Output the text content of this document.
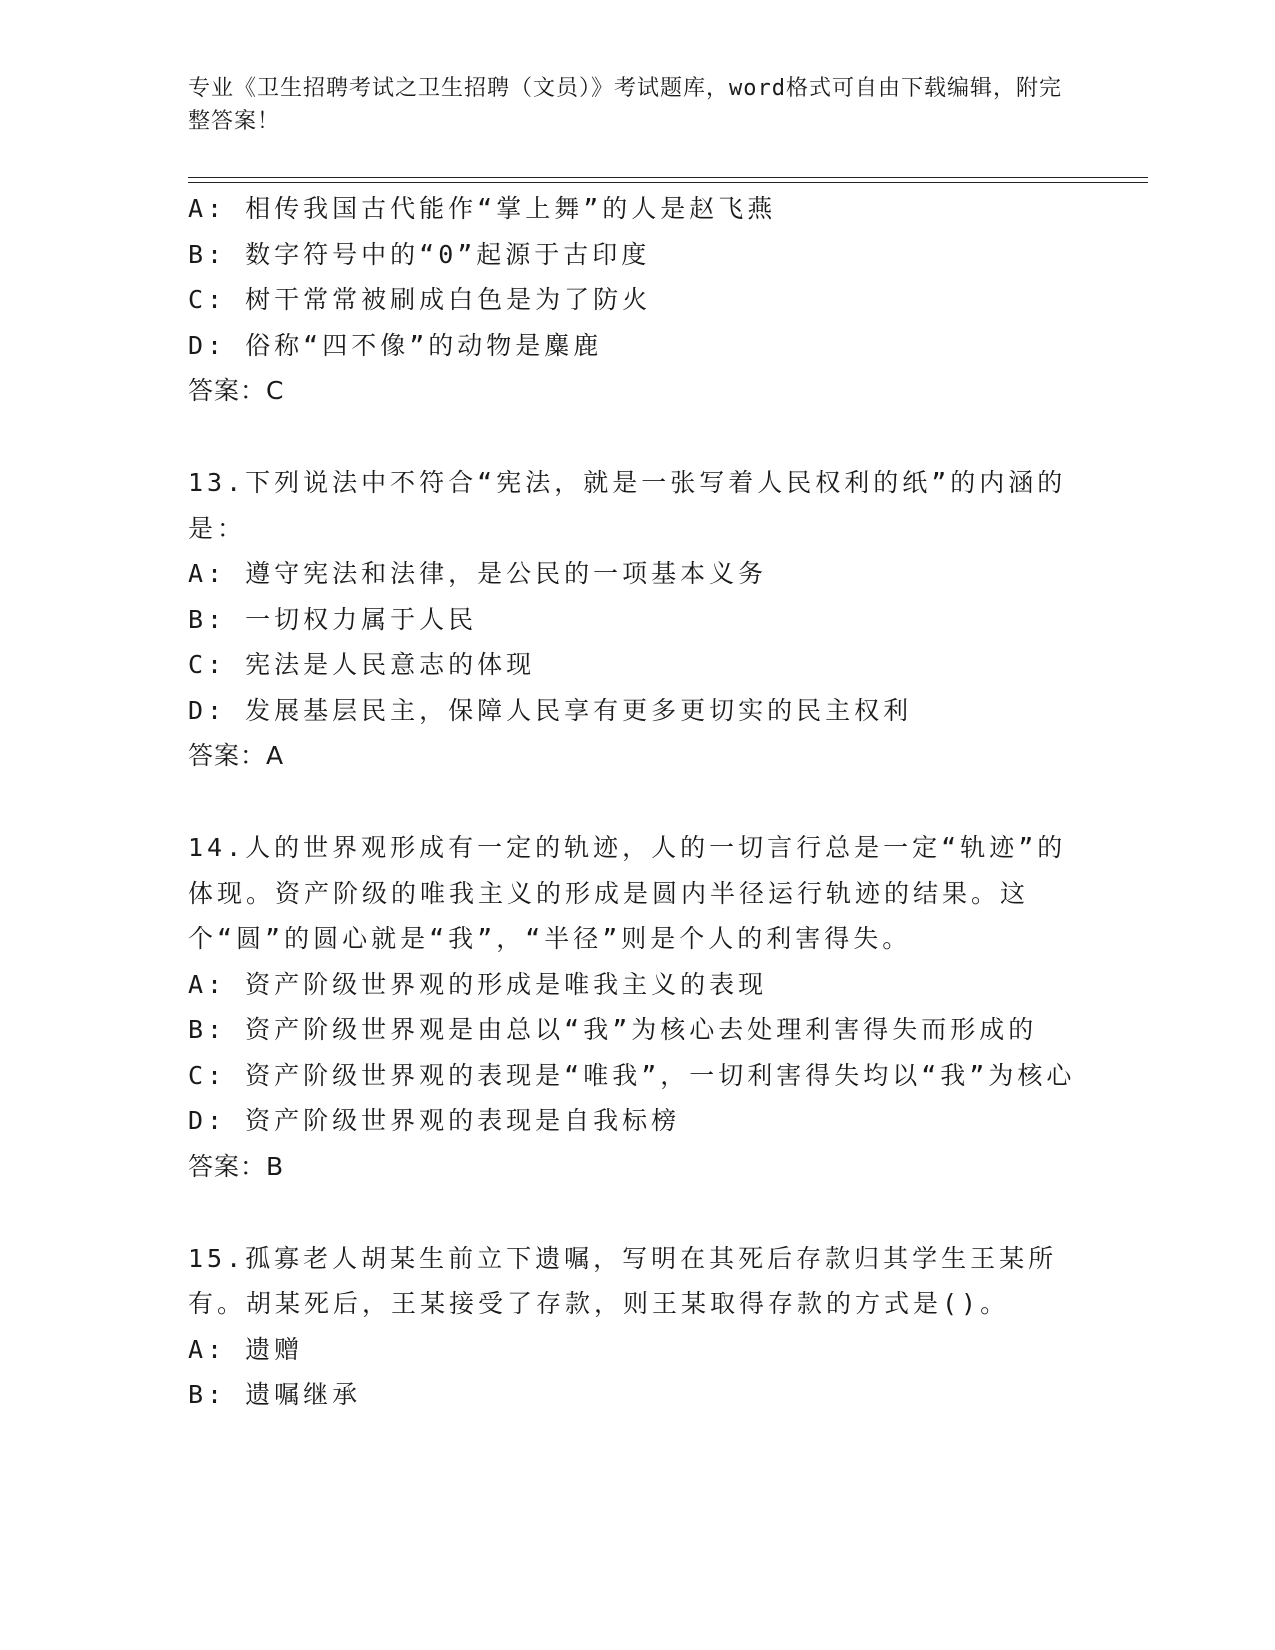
专业《卫生招聘考试之卫生招聘（文员）》考试题库，word格式可自由下载编辑，附完整答案！
A: 相传我国古代能作“掌上舞”的人是赵飞燕
B: 数字符号中的“0”起源于古印度
C: 树干常常被刷成白色是为了防火
D: 俗称“四不像”的动物是麋鹿
答案：C
13.下列说法中不符合“宪法，就是一张写着人民权利的纸”的内涵的是：
A: 遵守宪法和法律，是公民的一项基本义务
B: 一切权力属于人民
C: 宪法是人民意志的体现
D: 发展基层民主，保障人民享有更多更切实的民主权利
答案：A
14.人的世界观形成有一定的轨迹，人的一切言行总是一定“轨迹”的体现。资产阶级的唯我主义的形成是圆内半径运行轨迹的结果。这个“圆”的圆心就是“我”，“半径”则是个人的利害得失。
A: 资产阶级世界观的形成是唯我主义的表现
B: 资产阶级世界观是由总以“我”为核心去处理利害得失而形成的
C: 资产阶级世界观的表现是“唯我”，一切利害得失均以“我”为核心
D: 资产阶级世界观的表现是自我标榜
答案：B
15.孤寡老人胡某生前立下遗嘱，写明在其死后存款归其学生王某所有。胡某死后，王某接受了存款，则王某取得存款的方式是()。
A: 遗赠
B: 遗嘱继承
